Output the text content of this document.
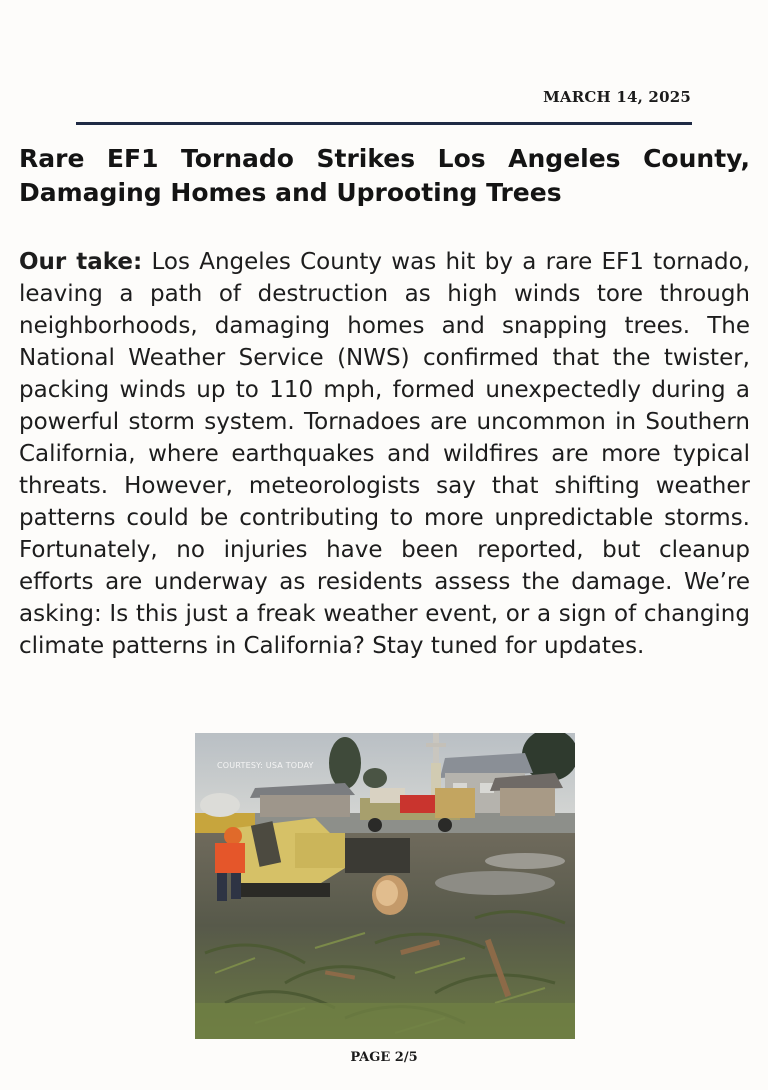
MARCH 14, 2025
Rare EF1 Tornado Strikes Los Angeles County, Damaging Homes and Uprooting Trees

Our take: Los Angeles County was hit by a rare EF1 tornado, leaving a path of destruction as high winds tore through neighborhoods, damaging homes and snapping trees. The National Weather Service (NWS) confirmed that the twister, packing winds up to 110 mph, formed unexpectedly during a powerful storm system. Tornadoes are uncommon in Southern California, where earthquakes and wildfires are more typical threats. However, meteorologists say that shifting weather patterns could be contributing to more unpredictable storms. Fortunately, no injuries have been reported, but cleanup efforts are underway as residents assess the damage. We’re asking: Is this just a freak weather event, or a sign of changing climate patterns in California? Stay tuned for updates.

COURTESY: USA TODAY
PAGE 2/5
